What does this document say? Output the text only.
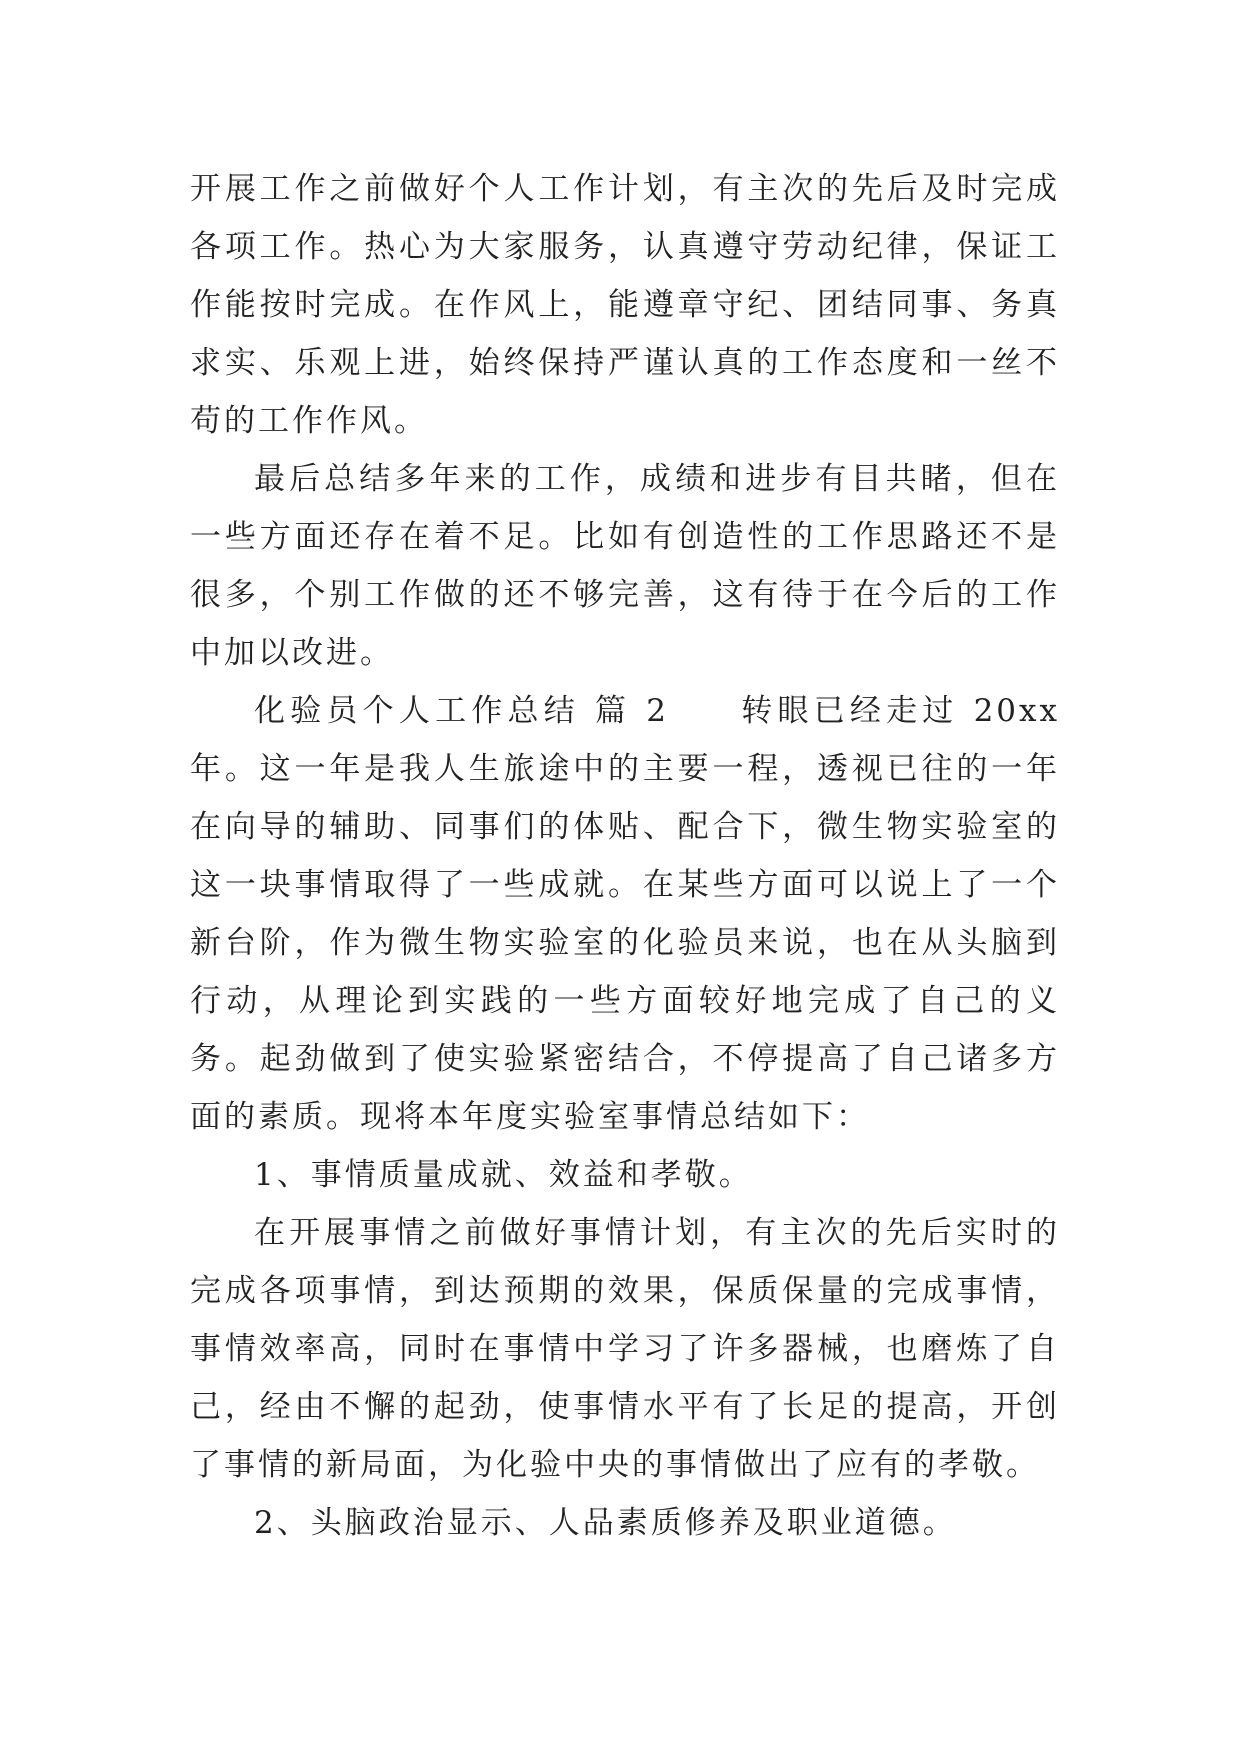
开展工作之前做好个人工作计划，有主次的先后及时完成各项工作。热心为大家服务，认真遵守劳动纪律，保证工作能按时完成。在作风上，能遵章守纪、团结同事、务真求实、乐观上进，始终保持严谨认真的工作态度和一丝不苟的工作作风。

最后总结多年来的工作，成绩和进步有目共睹，但在一些方面还存在着不足。比如有创造性的工作思路还不是很多，个别工作做的还不够完善，这有待于在今后的工作中加以改进。

化验员个人工作总结 篇 2 转眼已经走过 20xx 年。这一年是我人生旅途中的主要一程，透视已往的一年在向导的辅助、同事们的体贴、配合下，微生物实验室的这一块事情取得了一些成就。在某些方面可以说上了一个新台阶，作为微生物实验室的化验员来说，也在从头脑到行动，从理论到实践的一些方面较好地完成了自己的义务。起劲做到了使实验紧密结合，不停提高了自己诸多方面的素质。现将本年度实验室事情总结如下：

1、事情质量成就、效益和孝敬。

在开展事情之前做好事情计划，有主次的先后实时的完成各项事情，到达预期的效果，保质保量的完成事情，事情效率高，同时在事情中学习了许多器械，也磨炼了自己，经由不懈的起劲，使事情水平有了长足的提高，开创了事情的新局面，为化验中央的事情做出了应有的孝敬。

2、头脑政治显示、人品素质修养及职业道德。
